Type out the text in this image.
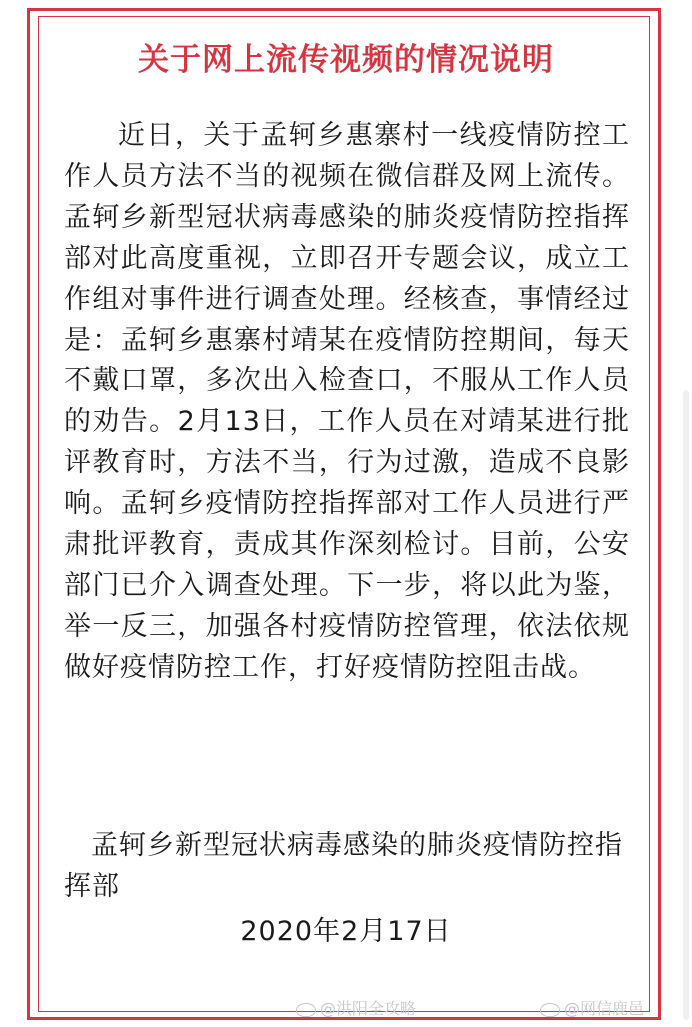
关于网上流传视频的情况说明

近日，关于孟轲乡惠寨村一线疫情防控工作人员方法不当的视频在微信群及网上流传。孟轲乡新型冠状病毒感染的肺炎疫情防控指挥部对此高度重视，立即召开专题会议，成立工作组对事件进行调查处理。经核查，事情经过是：孟轲乡惠寨村靖某在疫情防控期间，每天不戴口罩，多次出入检查口，不服从工作人员的劝告。2月13日，工作人员在对靖某进行批评教育时，方法不当，行为过激，造成不良影响。孟轲乡疫情防控指挥部对工作人员进行严肃批评教育，责成其作深刻检讨。目前，公安部门已介入调查处理。下一步，将以此为鉴，举一反三，加强各村疫情防控管理，依法依规做好疫情防控工作，打好疫情防控阻击战。

孟轲乡新型冠状病毒感染的肺炎疫情防控指挥部

2020年2月17日

@洪阳全攻略	@网信鹿邑
